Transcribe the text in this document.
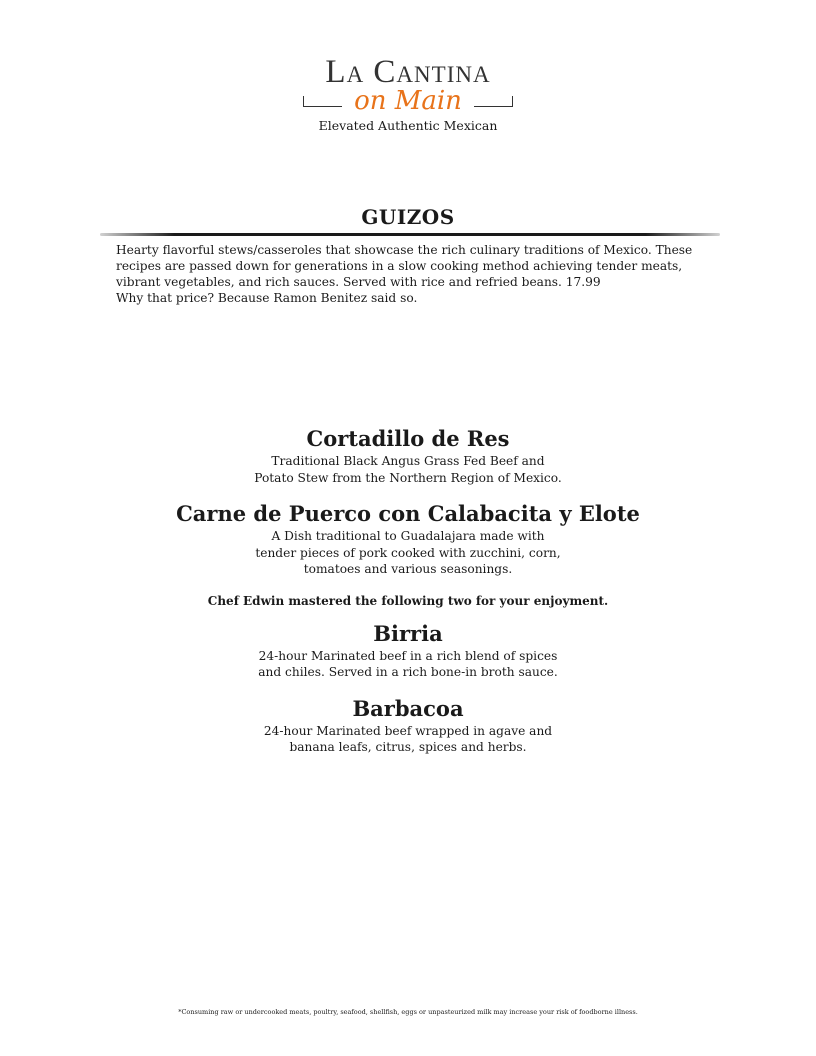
La Cantina
on Main
Elevated Authentic Mexican
GUIZOS

Hearty flavorful stews/casseroles that showcase the rich culinary traditions of Mexico. These recipes are passed down for generations in a slow cooking method achieving tender meats, vibrant vegetables, and rich sauces. Served with rice and refried beans. 17.99

Why that price? Because Ramon Benitez said so.

Cortadillo de Res
Traditional Black Angus Grass Fed Beef and
Potato Stew from the Northern Region of Mexico.
Carne de Puerco con Calabacita y Elote
A Dish traditional to Guadalajara made with
tender pieces of pork cooked with zucchini, corn,
tomatoes and various seasonings.
Chef Edwin mastered the following two for your enjoyment.
Birria
24-hour Marinated beef in a rich blend of spices
and chiles. Served in a rich bone-in broth sauce.
Barbacoa
24-hour Marinated beef wrapped in agave and
banana leafs, citrus, spices and herbs.
*Consuming raw or undercooked meats, poultry, seafood, shellfish, eggs or unpasteurized milk may increase your risk of foodborne illness.
